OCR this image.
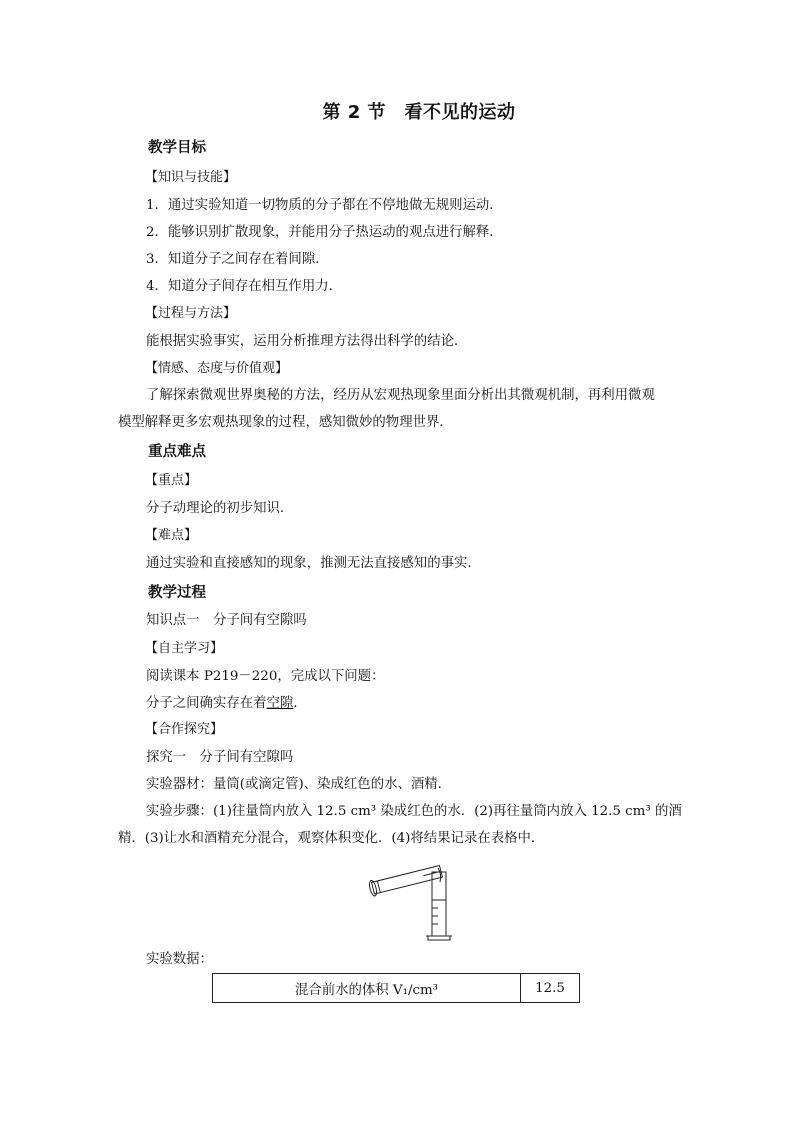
第 2 节　看不见的运动
教学目标
【知识与技能】
1．通过实验知道一切物质的分子都在不停地做无规则运动．
2．能够识别扩散现象，并能用分子热运动的观点进行解释．
3．知道分子之间存在着间隙．
4．知道分子间存在相互作用力．
【过程与方法】
能根据实验事实，运用分析推理方法得出科学的结论．
【情感、态度与价值观】
了解探索微观世界奥秘的方法，经历从宏观热现象里面分析出其微观机制，再利用微观
模型解释更多宏观热现象的过程，感知微妙的物理世界．
重点难点
【重点】
分子动理论的初步知识．
【难点】
通过实验和直接感知的现象，推测无法直接感知的事实．
教学过程
知识点一　分子间有空隙吗
【自主学习】
阅读课本 P219－220，完成以下问题：
分子之间确实存在着空隙.
【合作探究】
探究一　分子间有空隙吗
实验器材：量筒(或滴定管)、染成红色的水、酒精．
实验步骤：(1)往量筒内放入 12.5 cm³ 染成红色的水．(2)再往量筒内放入 12.5 cm³ 的酒
精．(3)让水和酒精充分混合，观察体积变化．(4)将结果记录在表格中．
实验数据：
混合前水的体积 V₁/cm³	12.5
